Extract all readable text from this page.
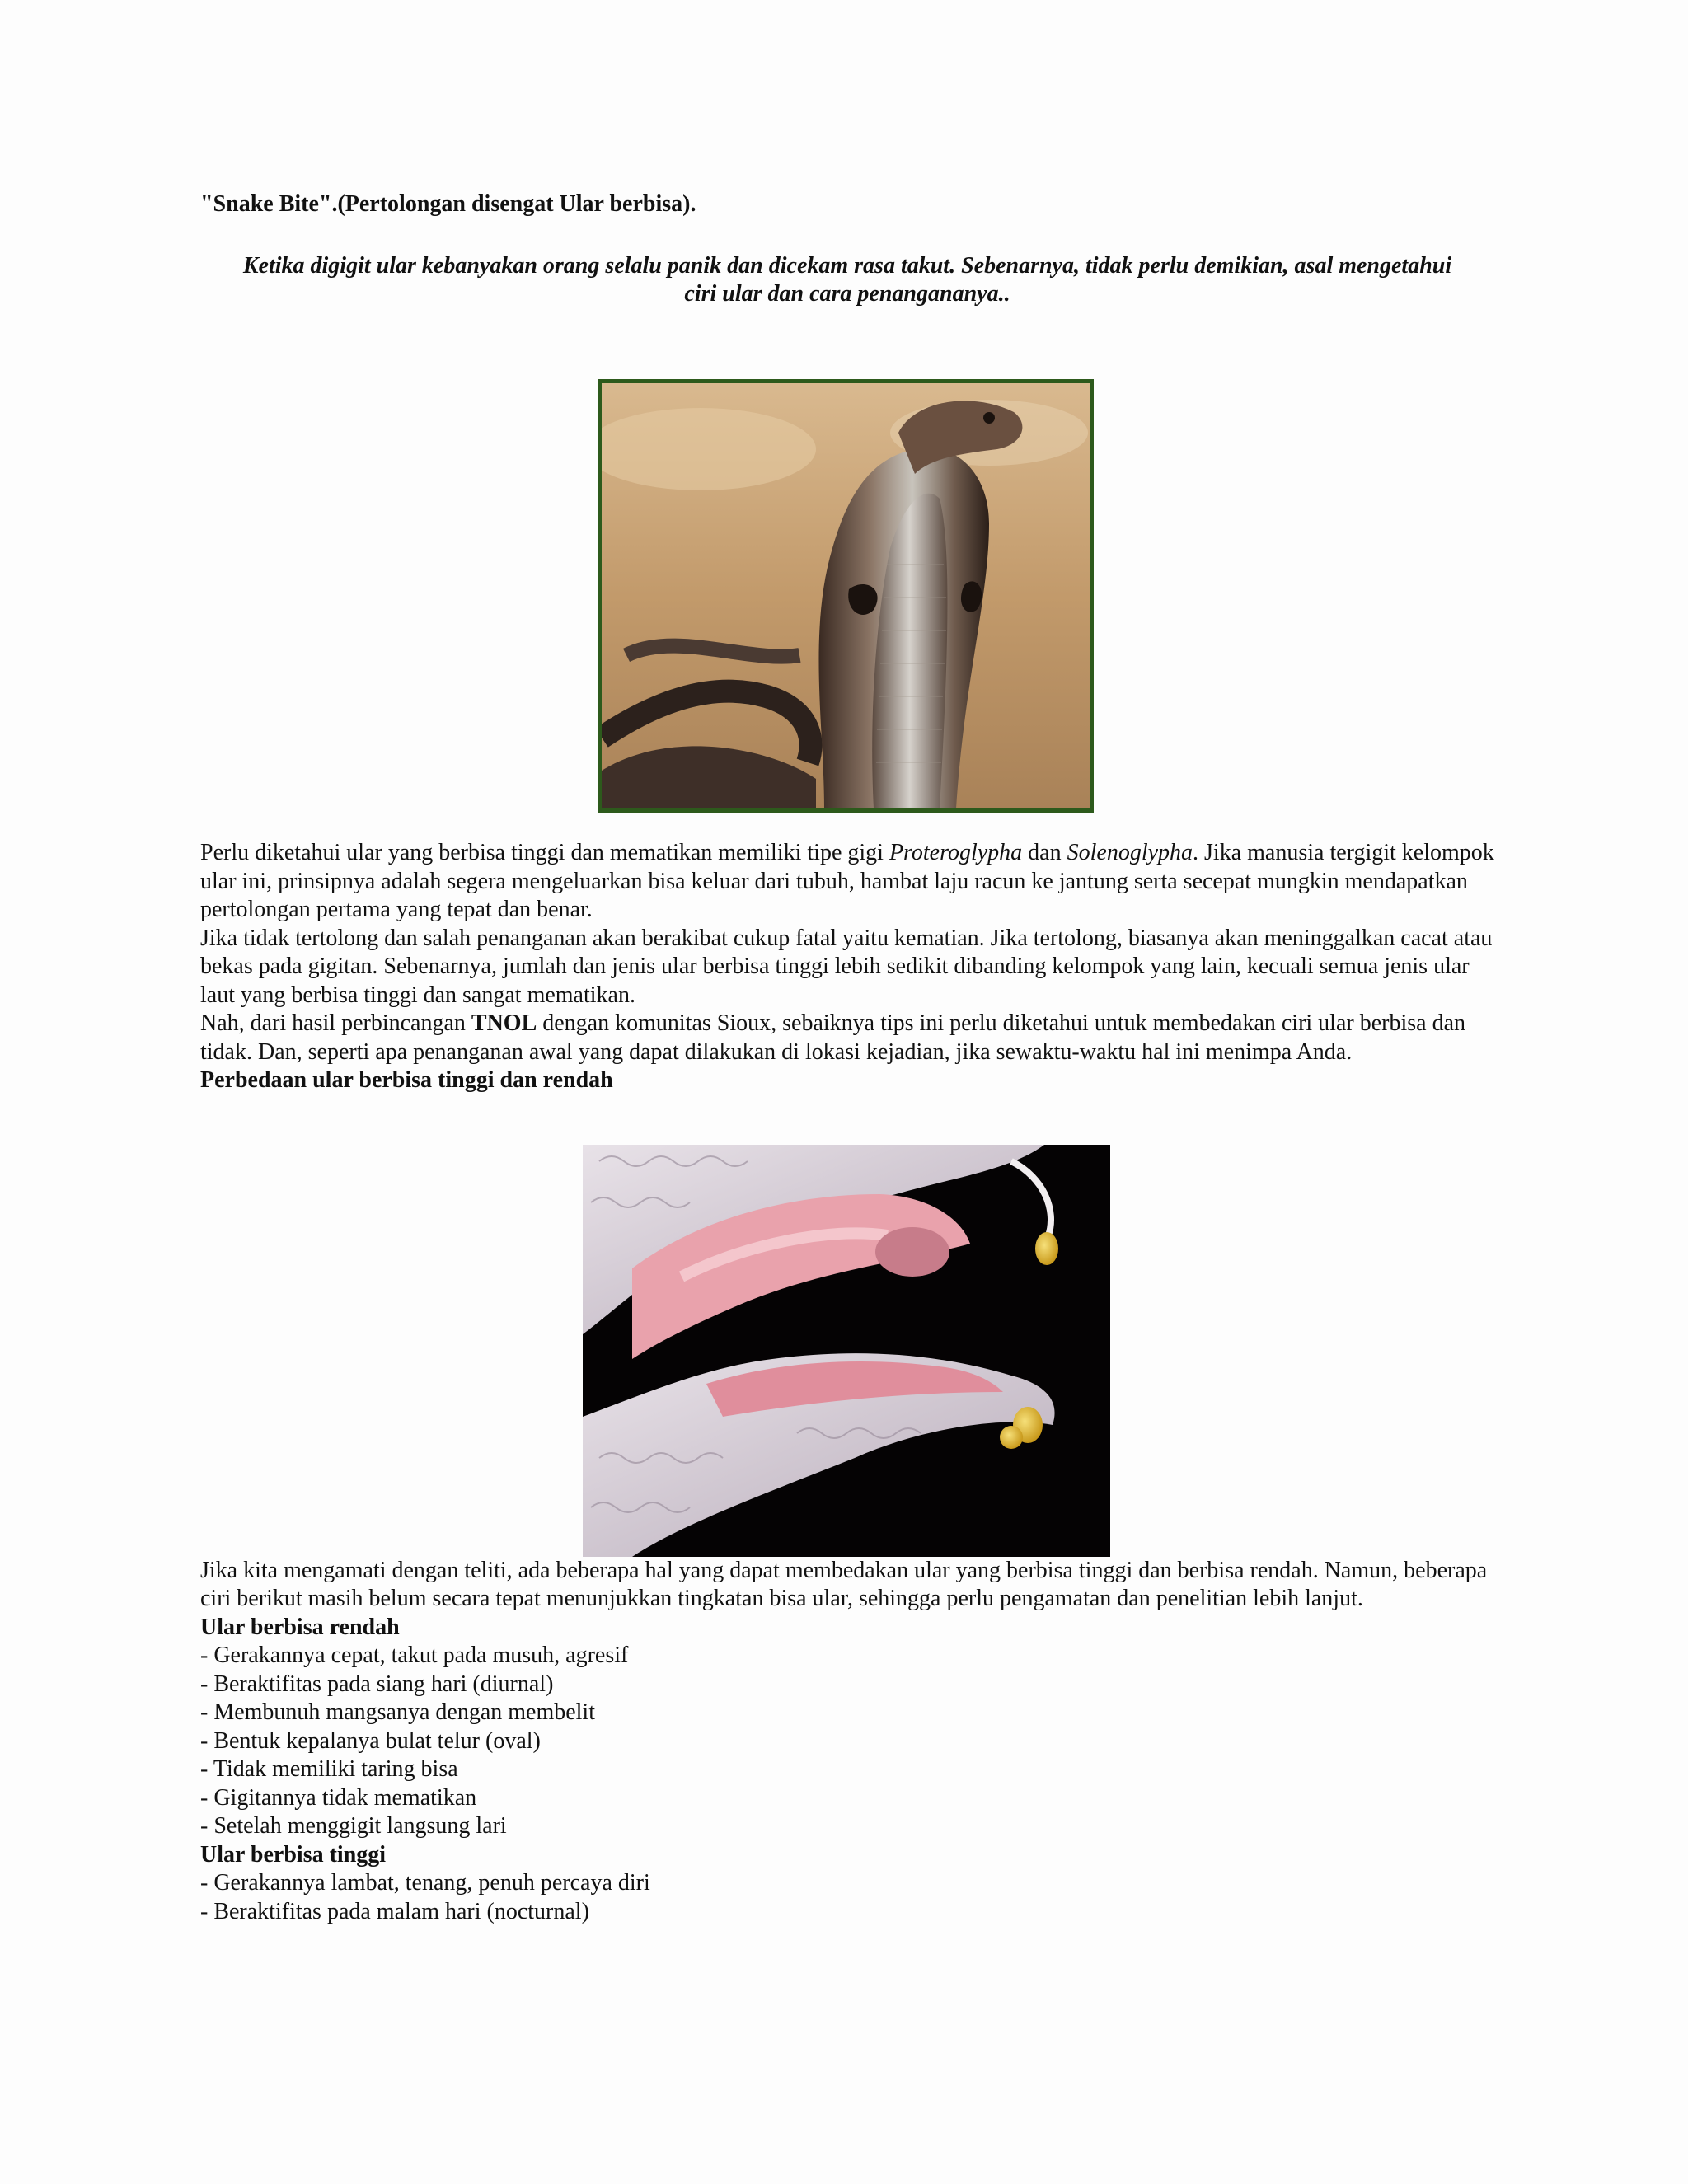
"Snake Bite".(Pertolongan disengat Ular berbisa).

Ketika digigit ular kebanyakan orang selalu panik dan dicekam rasa takut. Sebenarnya, tidak perlu demikian, asal mengetahui ciri ular dan cara penangananya..

Perlu diketahui ular yang berbisa tinggi dan mematikan memiliki tipe gigi Proteroglypha dan Solenoglypha. Jika manusia tergigit kelompok ular ini, prinsipnya adalah segera mengeluarkan bisa keluar dari tubuh, hambat laju racun ke jantung serta secepat mungkin mendapatkan pertolongan pertama yang tepat dan benar.

Jika tidak tertolong dan salah penanganan akan berakibat cukup fatal yaitu kematian. Jika tertolong, biasanya akan meninggalkan cacat atau bekas pada gigitan. Sebenarnya, jumlah dan jenis ular berbisa tinggi lebih sedikit dibanding kelompok yang lain, kecuali semua jenis ular laut yang berbisa tinggi dan sangat mematikan.

Nah, dari hasil perbincangan TNOL dengan komunitas Sioux, sebaiknya tips ini perlu diketahui untuk membedakan ciri ular berbisa dan tidak. Dan, seperti apa penanganan awal yang dapat dilakukan di lokasi kejadian, jika sewaktu-waktu hal ini menimpa Anda.

Perbedaan ular berbisa tinggi dan rendah

Jika kita mengamati dengan teliti, ada beberapa hal yang dapat membedakan ular yang berbisa tinggi dan berbisa rendah. Namun, beberapa ciri berikut masih belum secara tepat menunjukkan tingkatan bisa ular, sehingga perlu pengamatan dan penelitian lebih lanjut.

Ular berbisa rendah

- Gerakannya cepat, takut pada musuh, agresif
- Beraktifitas pada siang hari (diurnal)
- Membunuh mangsanya dengan membelit
- Bentuk kepalanya bulat telur (oval)
- Tidak memiliki taring bisa
- Gigitannya tidak mematikan
- Setelah menggigit langsung lari

Ular berbisa tinggi

- Gerakannya lambat, tenang, penuh percaya diri
- Beraktifitas pada malam hari (nocturnal)
